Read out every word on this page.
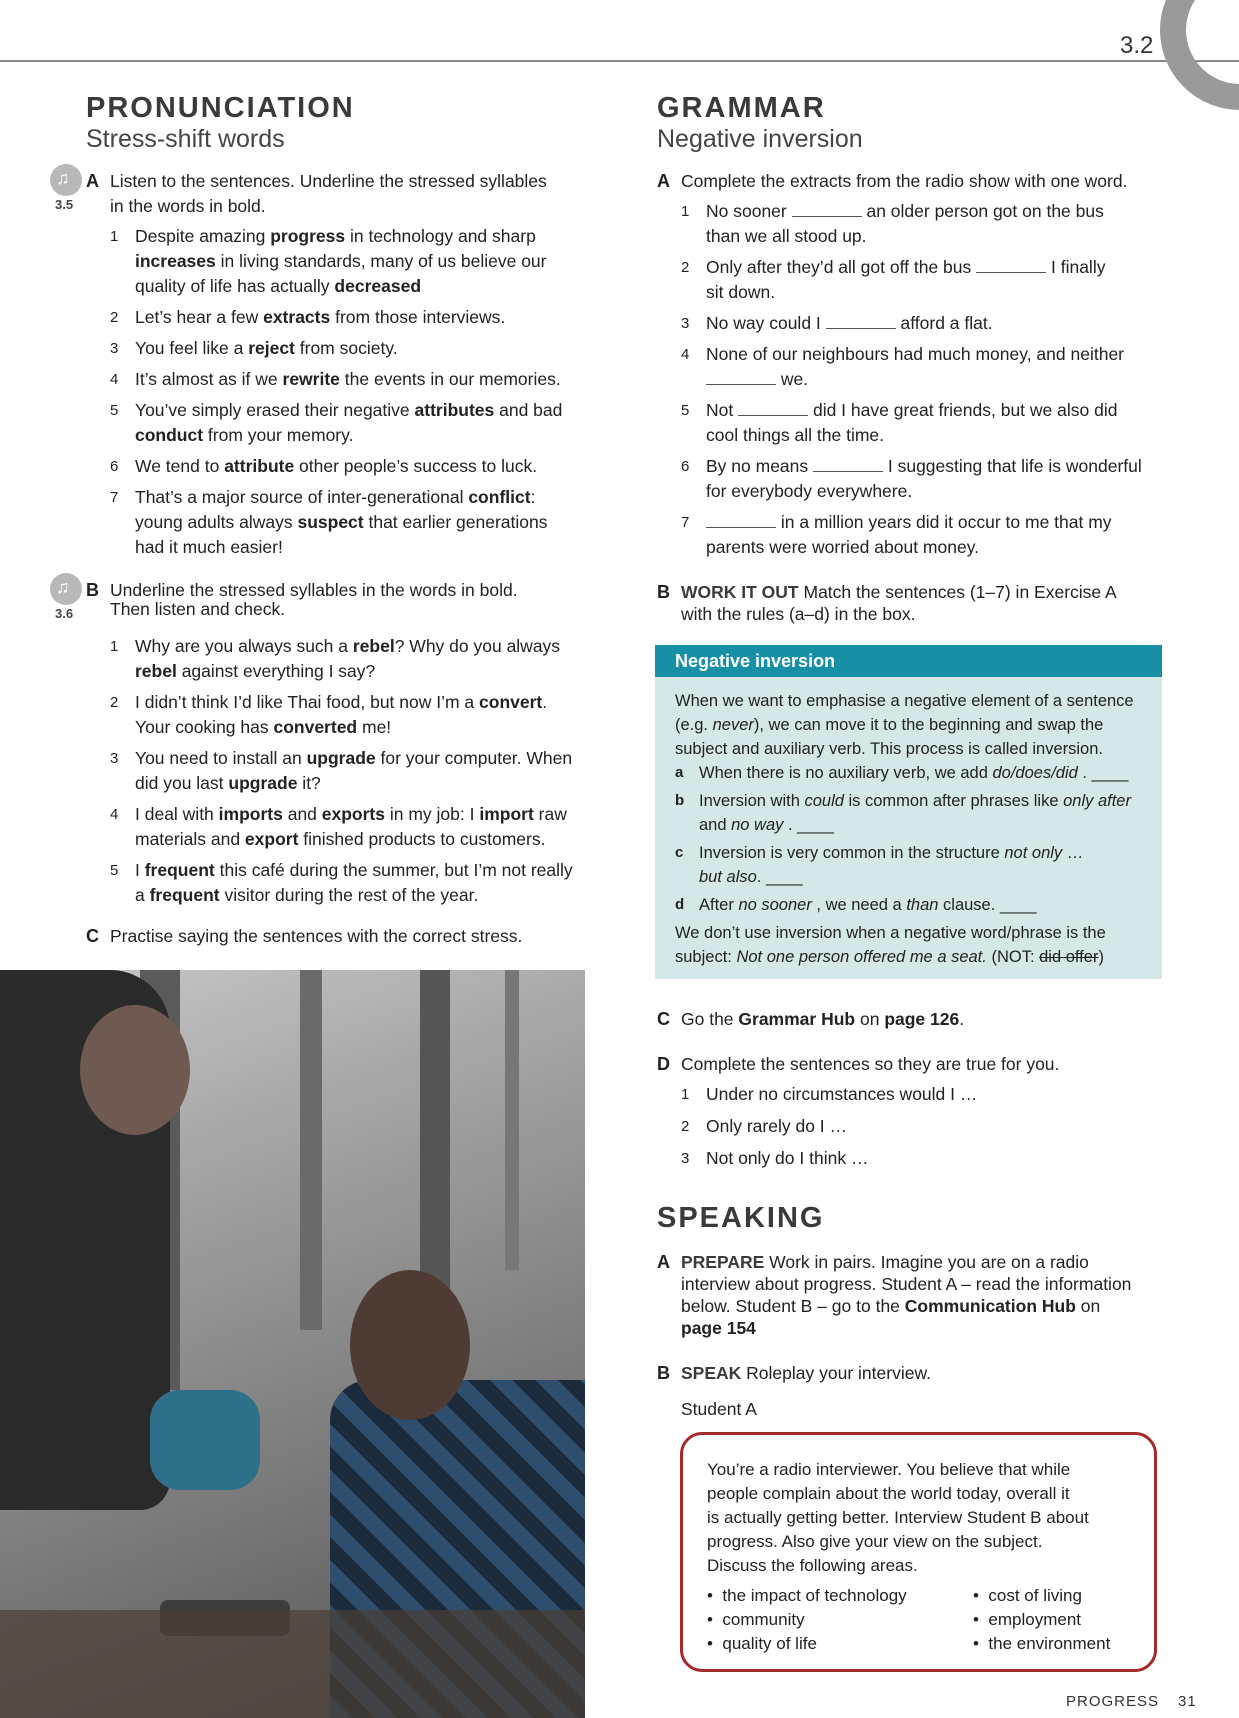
3.2
PRONUNCIATION
Stress-shift words
♫
3.5
A Listen to the sentences. Underline the stressed syllables
in the words in bold.
1 Despite amazing progress in technology and sharp
increases in living standards, many of us believe our
quality of life has actually decreased
2 Let’s hear a few extracts from those interviews.
3 You feel like a reject from society.
4 It’s almost as if we rewrite the events in our memories.
5 You’ve simply erased their negative attributes and bad
conduct from your memory.
6 We tend to attribute other people’s success to luck.
7 That’s a major source of inter-generational conflict:
young adults always suspect that earlier generations
had it much easier!
♫
3.6
B Underline the stressed syllables in the words in bold.
Then listen and check.
1 Why are you always such a rebel? Why do you always
rebel against everything I say?
2 I didn’t think I’d like Thai food, but now I’m a convert.
Your cooking has converted me!
3 You need to install an upgrade for your computer. When
did you last upgrade it?
4 I deal with imports and exports in my job: I import raw
materials and export finished products to customers.
5 I frequent this café during the summer, but I’m not really
a frequent visitor during the rest of the year.
C Practise saying the sentences with the correct stress.
GRAMMAR
Negative inversion
A Complete the extracts from the radio show with one word.
1 No sooner	an older person got on the bus
than we all stood up.
2 Only after they’d all got off the bus	I finally
sit down.
3 No way could I	afford a flat.
4 None of our neighbours had much money, and neither
we.
5 Not	did I have great friends, but we also did
cool things all the time.
6 By no means	I suggesting that life is wonderful
for everybody everywhere.
7	in a million years did it occur to me that my
parents were worried about money.
B WORK IT OUT Match the sentences (1–7) in Exercise A
with the rules (a–d) in the box.
Negative inversion
When we want to emphasise a negative element of a sentence
(e.g. never), we can move it to the beginning and swap the
subject and auxiliary verb. This process is called inversion.
a When there is no auxiliary verb, we add do/does/did . ____
b Inversion with could is common after phrases like only after
and no way . ____
c Inversion is very common in the structure not only …
but also. ____
d After no sooner , we need a than clause. ____
We don’t use inversion when a negative word/phrase is the
subject: Not one person offered me a seat. (NOT: did offer)
C Go the Grammar Hub on page 126.
D Complete the sentences so they are true for you.
1 Under no circumstances would I …
2 Only rarely do I …
3 Not only do I think …
SPEAKING
A PREPARE Work in pairs. Imagine you are on a radio
interview about progress. Student A – read the information
below. Student B – go to the Communication Hub on
page 154
B SPEAK Roleplay your interview.
Student A
You’re a radio interviewer. You believe that while
people complain about the world today, overall it
is actually getting better. Interview Student B about
progress. Also give your view on the subject.
Discuss the following areas.
•  the impact of technology
•  community
•  quality of life
•  cost of living
•  employment
•  the environment
PROGRESS 31
